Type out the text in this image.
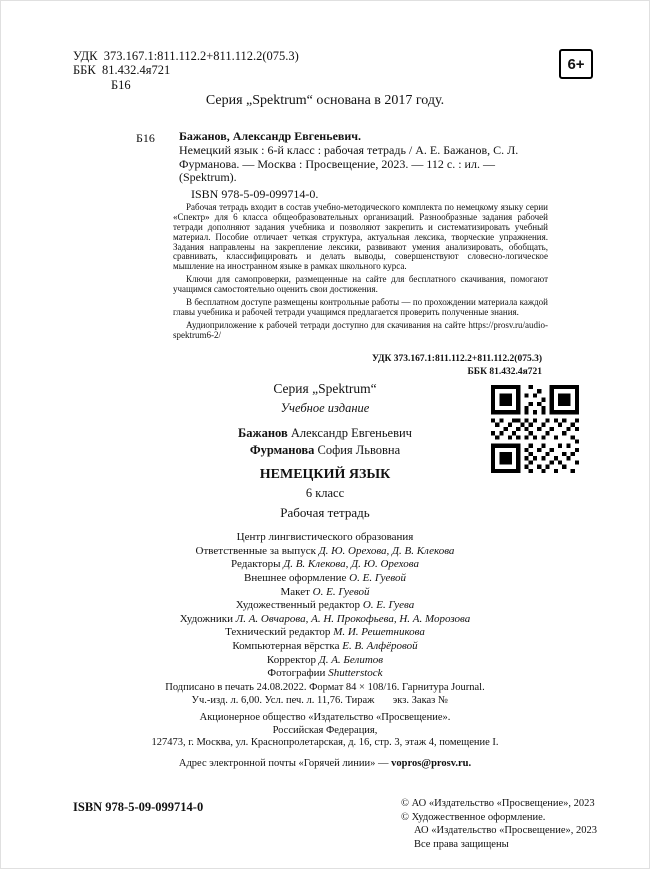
УДК  373.167.1:811.112.2+811.112.2(075.3)
ББК  81.432.4я721
Б16
6+
Серия „Spektrum“ основана в 2017 году.
Б16 Бажанов, Александр Евгеньевич.
Немецкий язык : 6-й класс : рабочая тетрадь / А. Е. Бажанов, С. Л. Фурманова. — Москва : Просвещение, 2023. — 112 с. : ил. — (Spektrum).
ISBN 978-5-09-099714-0.

Рабочая тетрадь входит в состав учебно-методического комплекта по немецкому языку серии «Спектр» для 6 класса общеобразовательных организаций. Разнообразные задания рабочей тетради дополняют задания учебника и позволяют закрепить и систематизировать учебный материал. Пособие отличает четкая структура, актуальная лексика, творческие упражнения. Задания направлены на закрепление лексики, развивают умения анализировать, обобщать, сравнивать, классифицировать и делать выводы, совершенствуют словесно-логическое мышление на иностранном языке в рамках школьного курса.

Ключи для самопроверки, размещенные на сайте для бесплатного скачивания, помогают учащимся самостоятельно оценить свои достижения.

В бесплатном доступе размещены контрольные работы — по прохождении материала каждой главы учебника и рабочей тетради учащимся предлагается проверить полученные знания.

Аудиоприложение к рабочей тетради доступно для скачивания на сайте https://prosv.ru/audio-spektrum6-2/

УДК 373.167.1:811.112.2+811.112.2(075.3)
ББК 81.432.4я721
Серия „Spektrum“
Учебное издание
Бажанов Александр Евгеньевич
Фурманова София Львовна
НЕМЕЦКИЙ ЯЗЫК
6 класс
Рабочая тетрадь
Центр лингвистического образования
Ответственные за выпуск Д. Ю. Орехова, Д. В. Клекова
Редакторы Д. В. Клекова, Д. Ю. Орехова
Внешнее оформление О. Е. Гуевой
Макет О. Е. Гуевой
Художественный редактор О. Е. Гуева
Художники Л. А. Овчарова, А. Н. Прокофьева, Н. А. Морозова
Технический редактор М. И. Решетникова
Компьютерная вёрстка Е. В. Алфёровой
Корректор Д. А. Белитов
Фотографии Shutterstock
Подписано в печать 24.08.2022. Формат 84 × 108/16. Гарнитура Journal.
Уч.-изд. л. 6,00. Усл. печ. л. 11,76. Тираж       экз. Заказ №
Акционерное общество «Издательство «Просвещение».
Российская Федерация,
127473, г. Москва, ул. Краснопролетарская, д. 16, стр. 3, этаж 4, помещение I.
Адрес электронной почты «Горячей линии» — vopros@prosv.ru.
ISBN 978-5-09-099714-0	© АО «Издательство «Просвещение», 2023
© Художественное оформление.
АО «Издательство «Просвещение», 2023
Все права защищены
